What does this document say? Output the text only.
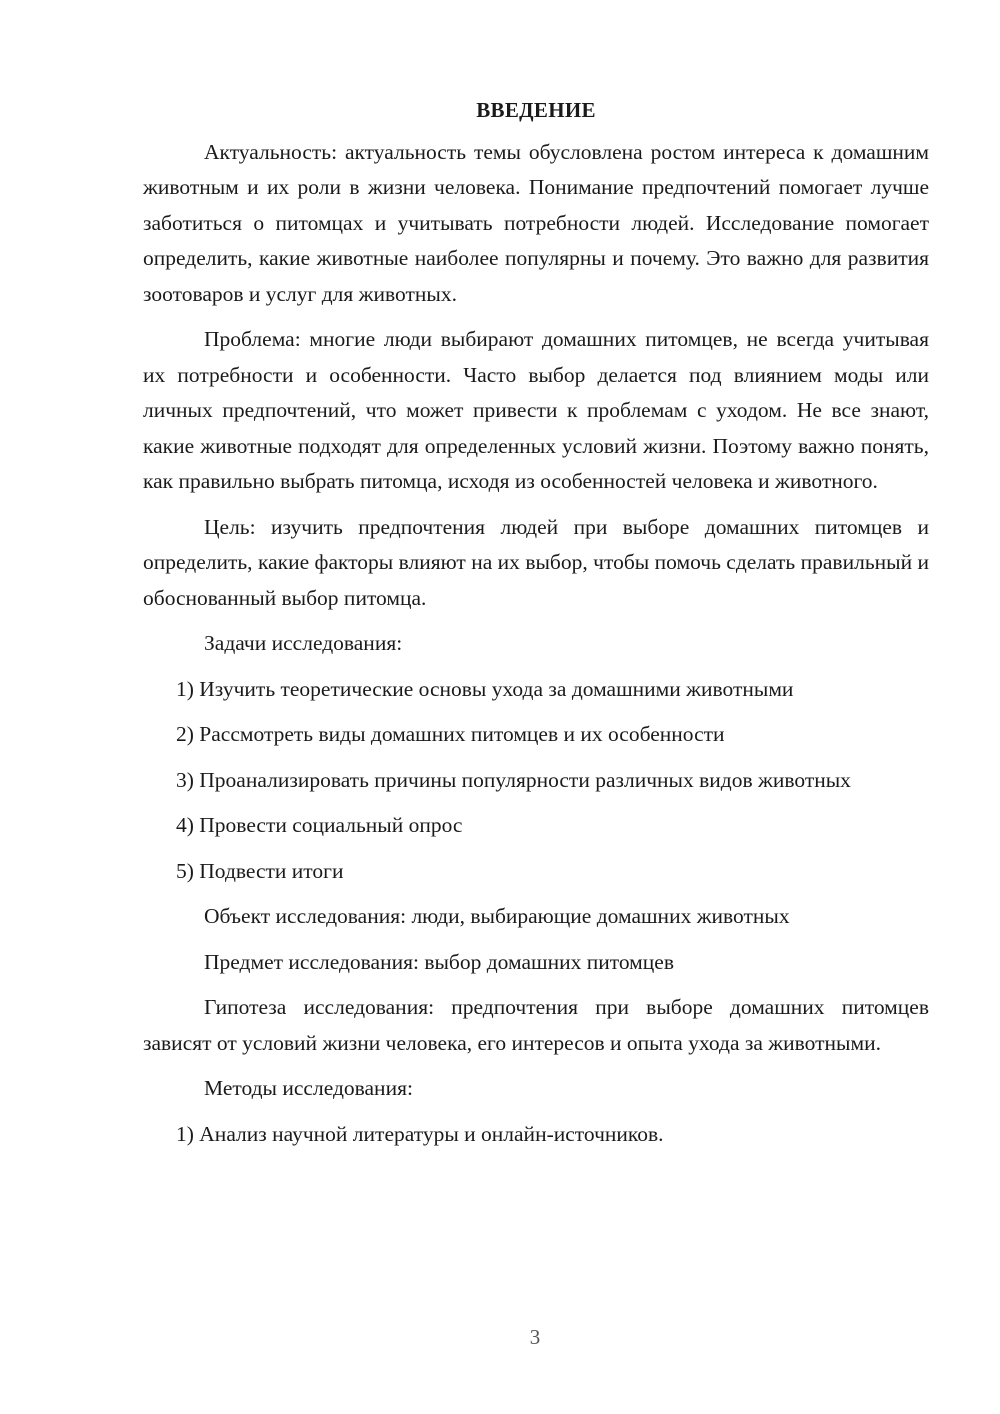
ВВЕДЕНИЕ

Актуальность: актуальность темы обусловлена ростом интереса к домашним животным и их роли в жизни человека. Понимание предпочтений помогает лучше заботиться о питомцах и учитывать потребности людей. Исследование помогает определить, какие животные наиболее популярны и почему. Это важно для развития зоотоваров и услуг для животных.

Проблема: многие люди выбирают домашних питомцев, не всегда учитывая их потребности и особенности. Часто выбор делается под влиянием моды или личных предпочтений, что может привести к проблемам с уходом. Не все знают, какие животные подходят для определенных условий жизни. Поэтому важно понять, как правильно выбрать питомца, исходя из особенностей человека и животного.

Цель: изучить предпочтения людей при выборе домашних питомцев и определить, какие факторы влияют на их выбор, чтобы помочь сделать правильный и обоснованный выбор питомца.

Задачи исследования:

1) Изучить теоретические основы ухода за домашними животными

2) Рассмотреть виды домашних питомцев и их особенности

3) Проанализировать причины популярности различных видов животных

4) Провести социальный опрос

5) Подвести итоги

Объект исследования: люди, выбирающие домашних животных

Предмет исследования: выбор домашних питомцев

Гипотеза исследования: предпочтения при выборе домашних питомцев зависят от условий жизни человека, его интересов и опыта ухода за животными.

Методы исследования:

1) Анализ научной литературы и онлайн-источников.

3
